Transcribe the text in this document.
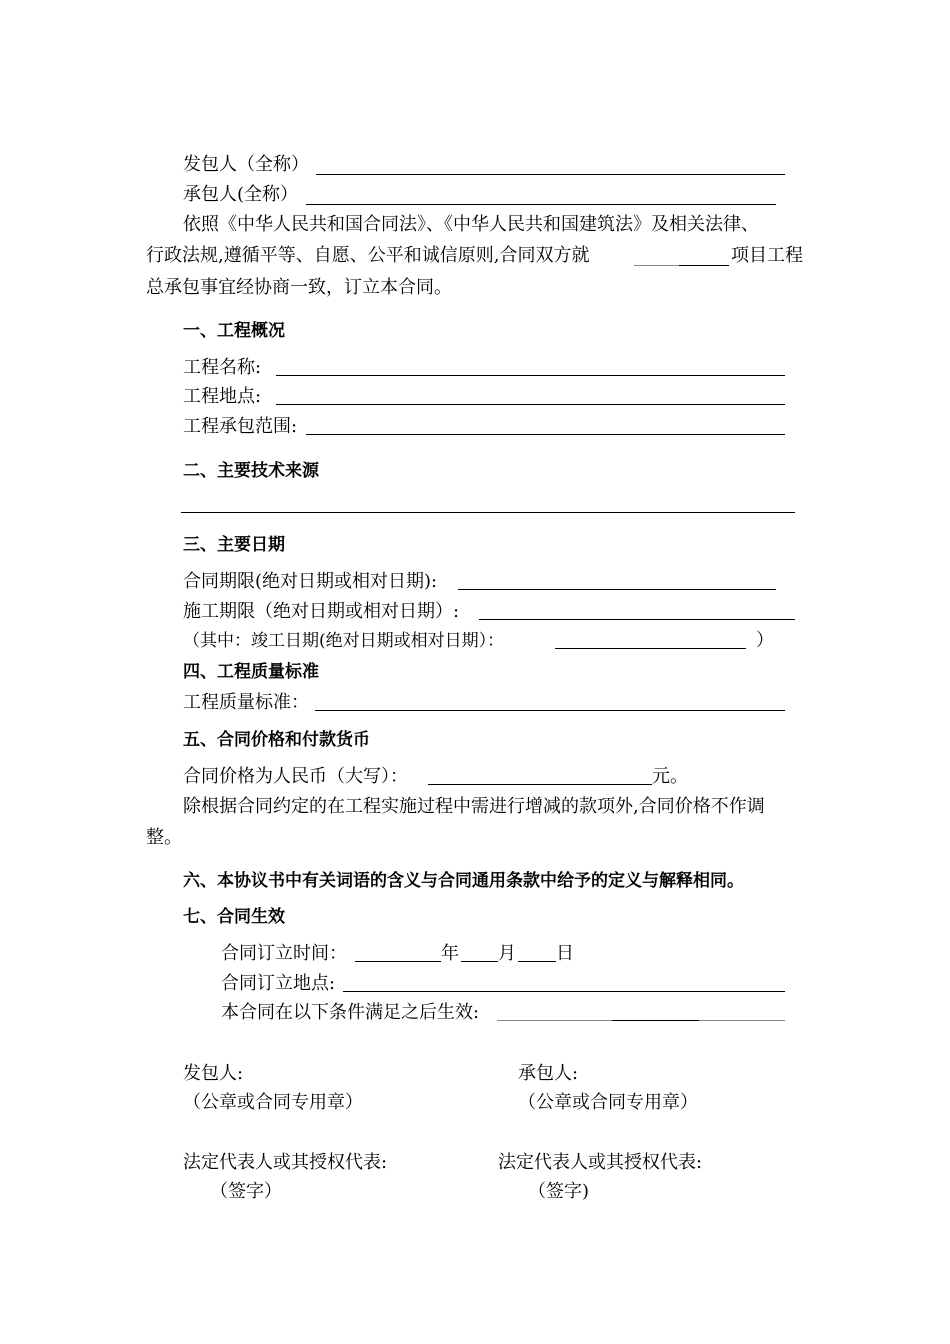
发包人（全称）
承包人(全称）
依照《中华人民共和国合同法》、《中华人民共和国建筑法》及相关法律、
行政法规,遵循平等、自愿、公平和诚信原则,合同双方就	项目工程
总承包事宜经协商一致，订立本合同。
一、工程概况
工程名称:
工程地点:
工程承包范围:
二、主要技术来源
三、主要日期
合同期限(绝对日期或相对日期):
施工期限（绝对日期或相对日期）:
（其中：竣工日期(绝对日期或相对日期）：	）
四、工程质量标准
工程质量标准：
五、合同价格和付款货币
合同价格为人民币（大写）：	元。
除根据合同约定的在工程实施过程中需进行增减的款项外,合同价格不作调
整。
六、本协议书中有关词语的含义与合同通用条款中给予的定义与解释相同。
七、合同生效
合同订立时间：	年 月 日
合同订立地点:
本合同在以下条件满足之后生效:
发包人:	承包人:
（公章或合同专用章）	（公章或合同专用章）
法定代表人或其授权代表:	法定代表人或其授权代表:
（签字）	（签字)
